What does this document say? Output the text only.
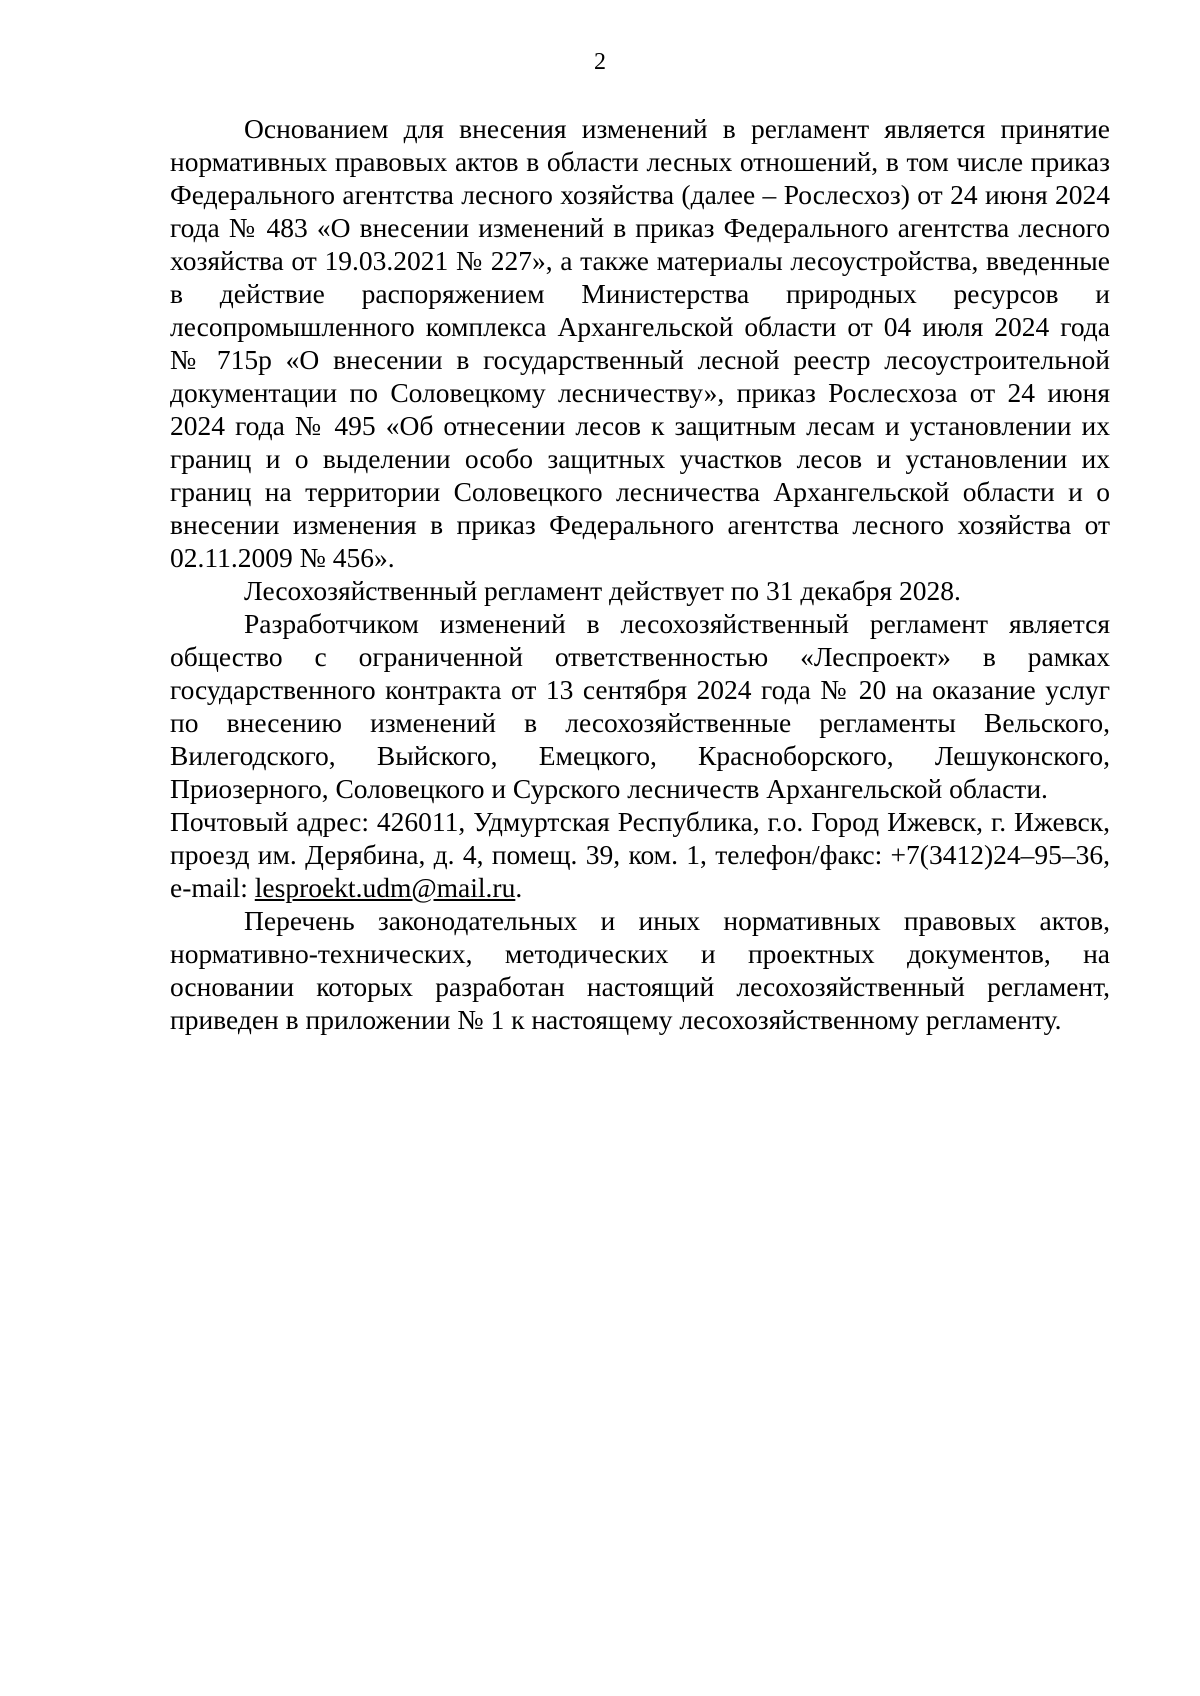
2

Основанием для внесения изменений в регламент является принятие нормативных правовых актов в области лесных отношений, в том числе приказ Федерального агентства лесного хозяйства (далее – Рослесхоз) от 24 июня 2024 года № 483 «О внесении изменений в приказ Федерального агентства лесного хозяйства от 19.03.2021 № 227», а также материалы лесоустройства, введенные в действие распоряжением Министерства природных ресурсов и лесопромышленного комплекса Архангельской области от 04 июля 2024 года № 715р «О внесении в государственный лесной реестр лесоустроительной документации по Соловецкому лесничеству», приказ Рослесхоза от 24 июня 2024 года № 495 «Об отнесении лесов к защитным лесам и установлении их границ и о выделении особо защитных участков лесов и установлении их границ на территории Соловецкого лесничества Архангельской области и о внесении изменения в приказ Федерального агентства лесного хозяйства от 02.11.2009 № 456».

Лесохозяйственный регламент действует по 31 декабря 2028.

Разработчиком изменений в лесохозяйственный регламент является общество с ограниченной ответственностью «Леспроект» в рамках государственного контракта от 13 сентября 2024 года № 20 на оказание услуг по внесению изменений в лесохозяйственные регламенты Вельского, Вилегодского, Выйского, Емецкого, Красноборского, Лешуконского, Приозерного, Соловецкого и Сурского лесничеств Архангельской области.

Почтовый адрес: 426011, Удмуртская Республика, г.о. Город Ижевск, г. Ижевск, проезд им. Дерябина, д. 4, помещ. 39, ком. 1, телефон/факс: +7(3412)24–95–36, e-mail: lesproekt.udm@mail.ru.

Перечень законодательных и иных нормативных правовых актов, нормативно-технических, методических и проектных документов, на основании которых разработан настоящий лесохозяйственный регламент, приведен в приложении № 1 к настоящему лесохозяйственному регламенту.
